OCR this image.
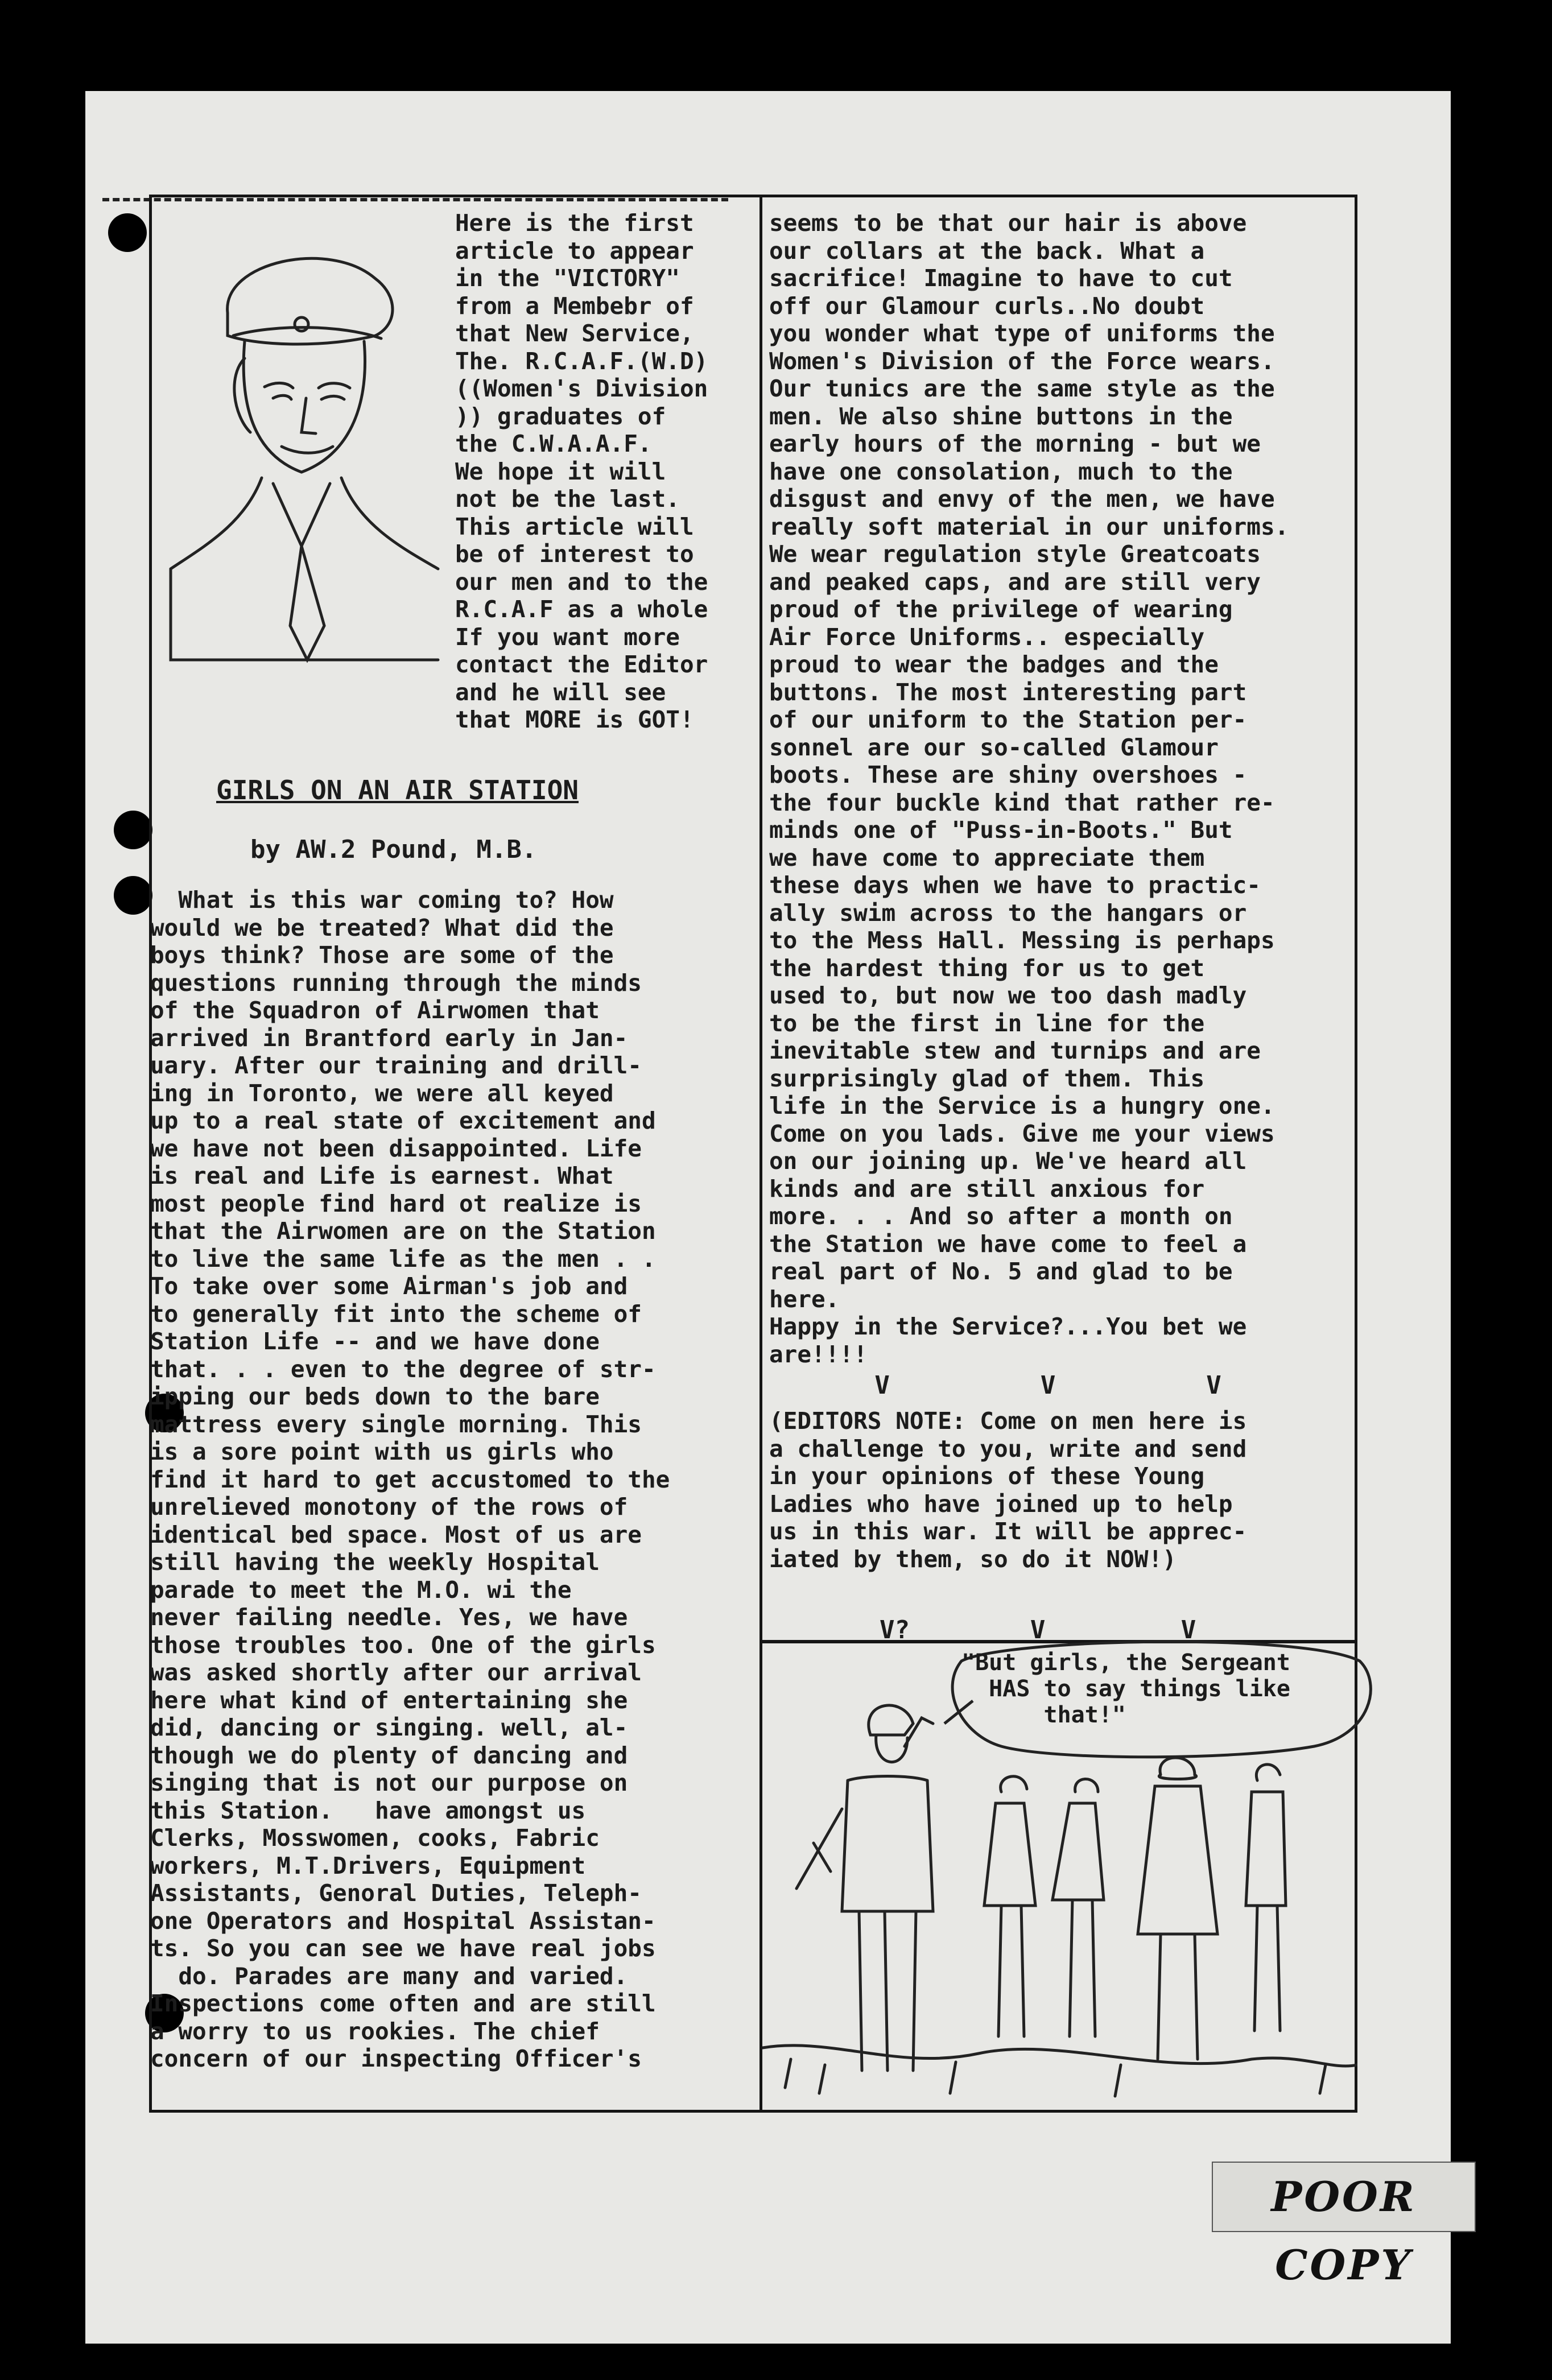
Here is the first

article to appear

in the "VICTORY"

from a Membebr of

that New Service,

The. R.C.A.F.(W.D)

((Women's Division

)) graduates of

the C.W.A.A.F.

We hope it will

not be the last.

This article will

be of interest to

our men and to the

R.C.A.F as a whole

If you want more

contact the Editor

and he will see

that MORE is GOT!

GIRLS ON AN AIR STATION
by AW.2 Pound, M.B.

What is this war coming to? How

would we be treated? What did the

boys think? Those are some of the

questions running through the minds

of the Squadron of Airwomen that

arrived in Brantford early in Jan-

uary. After our training and drill-

ing in Toronto, we were all keyed

up to a real state of excitement and

we have not been disappointed. Life

is real and Life is earnest. What

most people find hard ot realize is

that the Airwomen are on the Station

to live the same life as the men . .

To take over some Airman's job and

to generally fit into the scheme of

Station Life -- and we have done

that. . . even to the degree of str-

ipping our beds down to the bare

mattress every single morning. This

is a sore point with us girls who

find it hard to get accustomed to the

unrelieved monotony of the rows of

identical bed space. Most of us are

still having the weekly Hospital

parade to meet the M.O. wi the

never failing needle. Yes, we have

those troubles too. One of the girls

was asked shortly after our arrival

here what kind of entertaining she

did, dancing or singing. well, al-

though we do plenty of dancing and

singing that is not our purpose on

this Station.   have amongst us

Clerks, Mosswomen, cooks, Fabric

workers, M.T.Drivers, Equipment

Assistants, Genoral Duties, Teleph-

one Operators and Hospital Assistan-

ts. So you can see we have real jobs

do. Parades are many and varied.

Inspections come often and are still

a worry to us rookies. The chief

concern of our inspecting Officer's

seems to be that our hair is above

our collars at the back. What a

sacrifice! Imagine to have to cut

off our Glamour curls..No doubt

you wonder what type of uniforms the

Women's Division of the Force wears.

Our tunics are the same style as the

men. We also shine buttons in the

early hours of the morning - but we

have one consolation, much to the

disgust and envy of the men, we have

really soft material in our uniforms.

We wear regulation style Greatcoats

and peaked caps, and are still very

proud of the privilege of wearing

Air Force Uniforms.. especially

proud to wear the badges and the

buttons. The most interesting part

of our uniform to the Station per-

sonnel are our so-called Glamour

boots. These are shiny overshoes -

the four buckle kind that rather re-

minds one of "Puss-in-Boots." But

we have come to appreciate them

these days when we have to practic-

ally swim across to the hangars or

to the Mess Hall. Messing is perhaps

the hardest thing for us to get

used to, but now we too dash madly

to be the first in line for the

inevitable stew and turnips and are

surprisingly glad of them. This

life in the Service is a hungry one.

Come on you lads. Give me your views

on our joining up. We've heard all

kinds and are still anxious for

more. . . And so after a month on

the Station we have come to feel a

real part of No. 5 and glad to be

here.

Happy in the Service?...You bet we

are!!!!

V          V          V

(EDITORS NOTE: Come on men here is

a challenge to you, write and send

in your opinions of these Young

Ladies who have joined up to help

us in this war. It will be apprec-

iated by them, so do it NOW!)

V?        V         V

"But girls, the Sergeant

HAS to say things like

that!"

POOR COPY
